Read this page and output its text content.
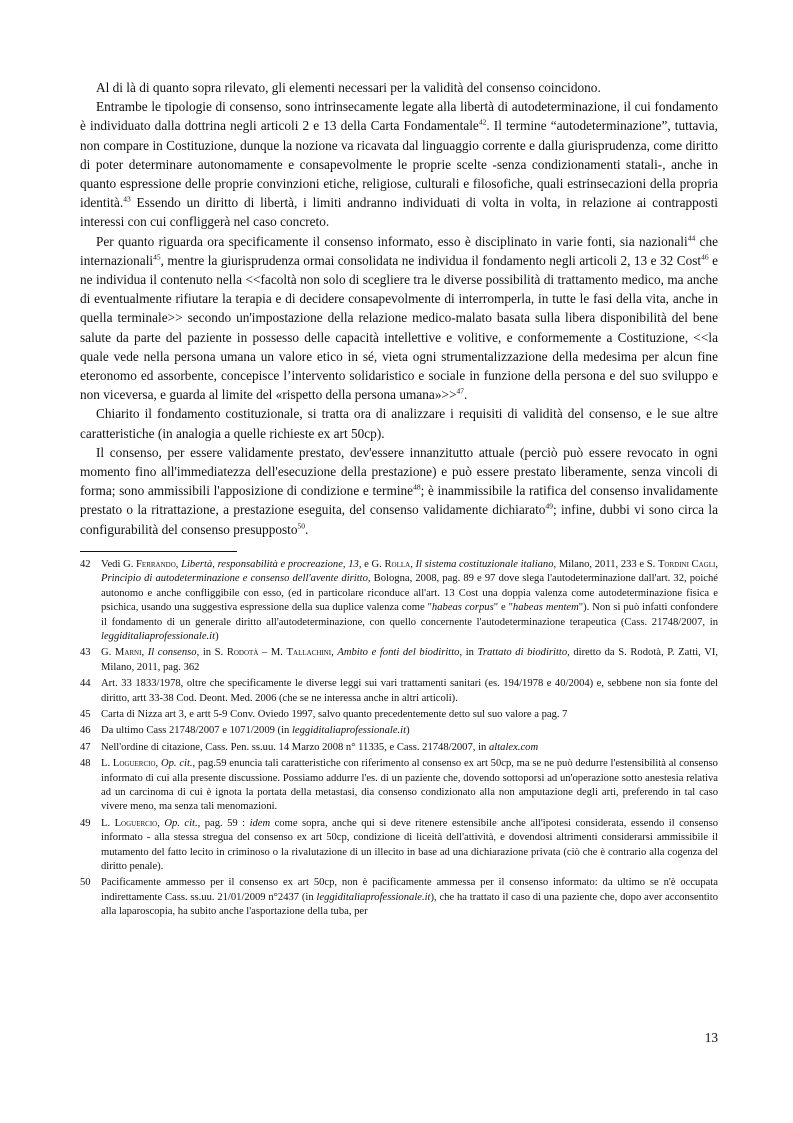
Al di là di quanto sopra rilevato, gli elementi necessari per la validità del consenso coincidono.

Entrambe le tipologie di consenso, sono intrinsecamente legate alla libertà di autodeterminazione, il cui fondamento è individuato dalla dottrina negli articoli 2 e 13 della Carta Fondamentale$^{42}$. Il termine “autodeterminazione”, tuttavia, non compare in Costituzione, dunque la nozione va ricavata dal linguaggio corrente e dalla giurisprudenza, come diritto di poter determinare autonomamente e consapevolmente le proprie scelte -senza condizionamenti statali-, anche in quanto espressione delle proprie convinzioni etiche, religiose, culturali e filosofiche, quali estrinsecazioni della propria identità.$^{43}$ Essendo un diritto di libertà, i limiti andranno individuati di volta in volta, in relazione ai contrapposti interessi con cui confliggerà nel caso concreto.

Per quanto riguarda ora specificamente il consenso informato, esso è disciplinato in varie fonti, sia nazionali$^{44}$ che internazionali$^{45}$, mentre la giurisprudenza ormai consolidata ne individua il fondamento negli articoli 2, 13 e 32 Cost$^{46}$ e ne individua il contenuto nella <<facoltà non solo di scegliere tra le diverse possibilità di trattamento medico, ma anche di eventualmente rifiutare la terapia e di decidere consapevolmente di interromperla, in tutte le fasi della vita, anche in quella terminale>> secondo un'impostazione della relazione medico-malato basata sulla libera disponibilità del bene salute da parte del paziente in possesso delle capacità intellettive e volitive, e conformemente a Costituzione, <<la quale vede nella persona umana un valore etico in sé, vieta ogni strumentalizzazione della medesima per alcun fine eteronomo ed assorbente, concepisce l’intervento solidaristico e sociale in funzione della persona e del suo sviluppo e non viceversa, e guarda al limite del «rispetto della persona umana»>>$^{47}$.

Chiarito il fondamento costituzionale, si tratta ora di analizzare i requisiti di validità del consenso, e le sue altre caratteristiche (in analogia a quelle richieste ex art 50cp).

Il consenso, per essere validamente prestato, dev'essere innanzitutto attuale (perciò può essere revocato in ogni momento fino all'immediatezza dell'esecuzione della prestazione) e può essere prestato liberamente, senza vincoli di forma; sono ammissibili l'apposizione di condizione e termine$^{48}$; è inammissibile la ratifica del consenso invalidamente prestato o la ritrattazione, a prestazione eseguita, del consenso validamente dichiarato$^{49}$; infine, dubbi vi sono circa la configurabilità del consenso presupposto$^{50}$.

42 Vedi G. Ferrando, Libertà, responsabilità e procreazione, 13, e G. Rolla, Il sistema costituzionale italiano, Milano, 2011, 233 e S. Tordini Cagli, Principio di autodeterminazione e consenso dell'avente diritto, Bologna, 2008, pag. 89 e 97 dove slega l'autodeterminazione dall'art. 32, poiché autonomo e anche confliggibile con esso, (ed in particolare riconduce all'art. 13 Cost una doppia valenza come autodeterminazione fisica e psichica, usando una suggestiva espressione della sua duplice valenza come "habeas corpus" e "habeas mentem"). Non si può infatti confondere il fondamento di un generale diritto all'autodeterminazione, con quello concernente l'autodeterminazione terapeutica (Cass. 21748/2007, in leggiditaliaprofessionale.it)
43 G. Marni, Il consenso, in S. Rodotà – M. Tallachini, Ambito e fonti del biodiritto, in Trattato di biodiritto, diretto da S. Rodotà, P. Zatti, VI, Milano, 2011, pag. 362
44 Art. 33 1833/1978, oltre che specificamente le diverse leggi sui vari trattamenti sanitari (es. 194/1978 e 40/2004) e, sebbene non sia fonte del diritto, artt 33-38 Cod. Deont. Med. 2006 (che se ne interessa anche in altri articoli).
45 Carta di Nizza art 3, e artt 5-9 Conv. Oviedo 1997, salvo quanto precedentemente detto sul suo valore a pag. 7
46 Da ultimo Cass 21748/2007 e 1071/2009 (in leggiditaliaprofessionale.it)
47 Nell'ordine di citazione, Cass. Pen. ss.uu. 14 Marzo 2008 n° 11335, e Cass. 21748/2007, in altalex.com
48 L. Loguercio, Op. cit., pag.59 enuncia tali caratteristiche con riferimento al consenso ex art 50cp, ma se ne può dedurre l'estensibilità al consenso informato di cui alla presente discussione. Possiamo addurre l'es. di un paziente che, dovendo sottoporsi ad un'operazione sotto anestesia relativa ad un carcinoma di cui è ignota la portata della metastasi, dia consenso condizionato alla non amputazione degli arti, preferendo in tal caso vivere meno, ma senza tali menomazioni.
49 L. Loguercio, Op. cit., pag. 59 : idem come sopra, anche qui si deve ritenere estensibile anche all'ipotesi considerata, essendo il consenso informato - alla stessa stregua del consenso ex art 50cp, condizione di liceità dell'attività, e dovendosi altrimenti considerarsi ammissibile il mutamento del fatto lecito in criminoso o la rivalutazione di un illecito in base ad una dichiarazione privata (ciò che è contrario alla cogenza del diritto penale).
50 Pacificamente ammesso per il consenso ex art 50cp, non è pacificamente ammessa per il consenso informato: da ultimo se n'è occupata indirettamente Cass. ss.uu. 21/01/2009 n°2437 (in leggiditaliaprofessionale.it), che ha trattato il caso di una paziente che, dopo aver acconsentito alla laparoscopia, ha subito anche l'asportazione della tuba, per
13
